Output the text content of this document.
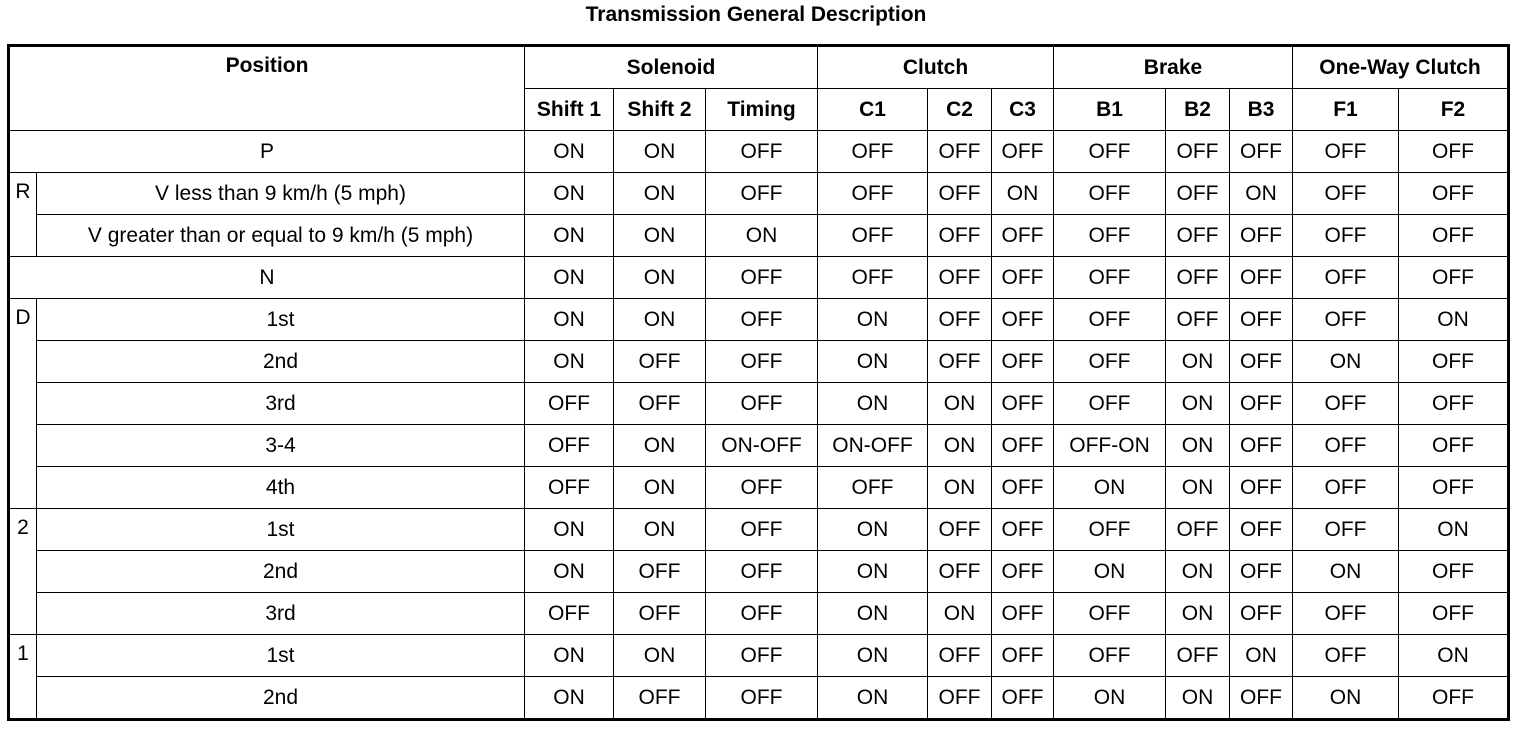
Transmission General Description
Position		Solenoid			Clutch			Brake			One-Way Clutch	
		Shift 1	Shift 2	Timing	C1	C2	C3	B1	B2	B3	F1	F2
P		ON	ON	OFF	OFF	OFF	OFF	OFF	OFF	OFF	OFF	OFF
R	V less than 9 km/h (5 mph)	ON	ON	OFF	OFF	OFF	ON	OFF	OFF	ON	OFF	OFF
	V greater than or equal to 9 km/h (5 mph)	ON	ON	ON	OFF	OFF	OFF	OFF	OFF	OFF	OFF	OFF
N		ON	ON	OFF	OFF	OFF	OFF	OFF	OFF	OFF	OFF	OFF
D	1st	ON	ON	OFF	ON	OFF	OFF	OFF	OFF	OFF	OFF	ON
	2nd	ON	OFF	OFF	ON	OFF	OFF	OFF	ON	OFF	ON	OFF
	3rd	OFF	OFF	OFF	ON	ON	OFF	OFF	ON	OFF	OFF	OFF
	3-4	OFF	ON	ON-OFF	ON-OFF	ON	OFF	OFF-ON	ON	OFF	OFF	OFF
	4th	OFF	ON	OFF	OFF	ON	OFF	ON	ON	OFF	OFF	OFF
2	1st	ON	ON	OFF	ON	OFF	OFF	OFF	OFF	OFF	OFF	ON
	2nd	ON	OFF	OFF	ON	OFF	OFF	ON	ON	OFF	ON	OFF
	3rd	OFF	OFF	OFF	ON	ON	OFF	OFF	ON	OFF	OFF	OFF
1	1st	ON	ON	OFF	ON	OFF	OFF	OFF	OFF	ON	OFF	ON
	2nd	ON	OFF	OFF	ON	OFF	OFF	ON	ON	OFF	ON	OFF
